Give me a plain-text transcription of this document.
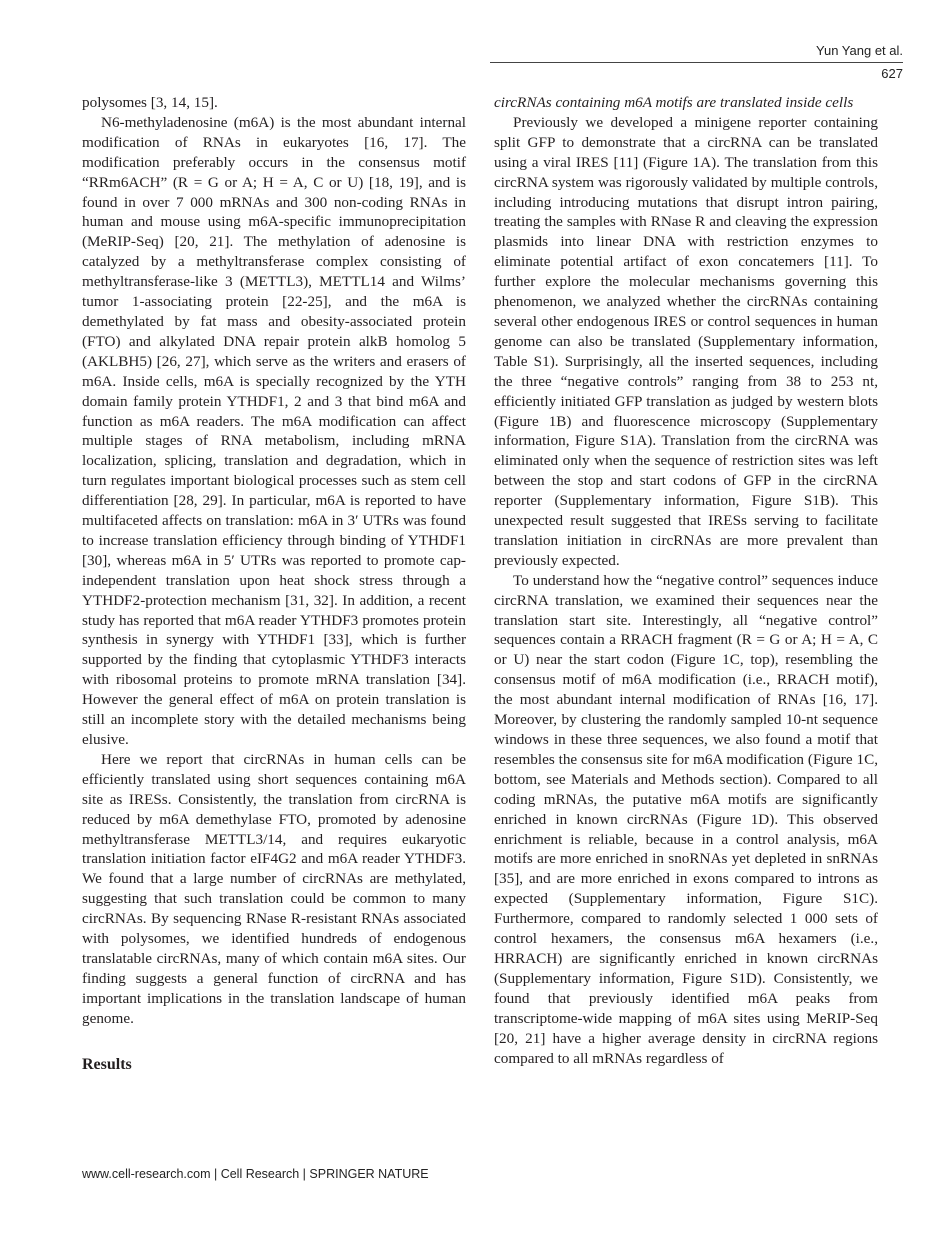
Yun Yang et al.
627

polysomes [3, 14, 15].

N6-methyladenosine (m6A) is the most abundant internal modification of RNAs in eukaryotes [16, 17]. The modification preferably occurs in the consensus motif “RRm6ACH” (R = G or A; H = A, C or U) [18, 19], and is found in over 7 000 mRNAs and 300 non-coding RNAs in human and mouse using m6A-specific immunoprecipitation (MeRIP-Seq) [20, 21]. The methylation of adenosine is catalyzed by a methyltransferase complex consisting of methyltransferase-like 3 (METTL3), METTL14 and Wilms’ tumor 1-associating protein [22-25], and the m6A is demethylated by fat mass and obesity-associated protein (FTO) and alkylated DNA repair protein alkB homolog 5 (AKLBH5) [26, 27], which serve as the writers and erasers of m6A. Inside cells, m6A is specially recognized by the YTH domain family protein YTHDF1, 2 and 3 that bind m6A and function as m6A readers. The m6A modification can affect multiple stages of RNA metabolism, including mRNA localization, splicing, translation and degradation, which in turn regulates important biological processes such as stem cell differentiation [28, 29]. In particular, m6A is reported to have multifaceted affects on translation: m6A in 3′ UTRs was found to increase translation efficiency through binding of YTHDF1 [30], whereas m6A in 5′ UTRs was reported to promote cap-independent translation upon heat shock stress through a YTHDF2-protection mechanism [31, 32]. In addition, a recent study has reported that m6A reader YTHDF3 promotes protein synthesis in synergy with YTHDF1 [33], which is further supported by the finding that cytoplasmic YTHDF3 interacts with ribosomal proteins to promote mRNA translation [34]. However the general effect of m6A on protein translation is still an incomplete story with the detailed mechanisms being elusive.

Here we report that circRNAs in human cells can be efficiently translated using short sequences containing m6A site as IRESs. Consistently, the translation from circRNA is reduced by m6A demethylase FTO, promoted by adenosine methyltransferase METTL3/14, and requires eukaryotic translation initiation factor eIF4G2 and m6A reader YTHDF3. We found that a large number of circRNAs are methylated, suggesting that such translation could be common to many circRNAs. By sequencing RNase R-resistant RNAs associated with polysomes, we identified hundreds of endogenous translatable circRNAs, many of which contain m6A sites. Our finding suggests a general function of circRNA and has important implications in the translation landscape of human genome.

Results

circRNAs containing m6A motifs are translated inside cells

Previously we developed a minigene reporter containing split GFP to demonstrate that a circRNA can be translated using a viral IRES [11] (Figure 1A). The translation from this circRNA system was rigorously validated by multiple controls, including introducing mutations that disrupt intron pairing, treating the samples with RNase R and cleaving the expression plasmids into linear DNA with restriction enzymes to eliminate potential artifact of exon concatemers [11]. To further explore the molecular mechanisms governing this phenomenon, we analyzed whether the circRNAs containing several other endogenous IRES or control sequences in human genome can also be translated (Supplementary information, Table S1). Surprisingly, all the inserted sequences, including the three “negative controls” ranging from 38 to 253 nt, efficiently initiated GFP translation as judged by western blots (Figure 1B) and fluorescence microscopy (Supplementary information, Figure S1A). Translation from the circRNA was eliminated only when the sequence of restriction sites was left between the stop and start codons of GFP in the circRNA reporter (Supplementary information, Figure S1B). This unexpected result suggested that IRESs serving to facilitate translation initiation in circRNAs are more prevalent than previously expected.

To understand how the “negative control” sequences induce circRNA translation, we examined their sequences near the translation start site. Interestingly, all “negative control” sequences contain a RRACH fragment (R = G or A; H = A, C or U) near the start codon (Figure 1C, top), resembling the consensus motif of m6A modification (i.e., RRACH motif), the most abundant internal modification of RNAs [16, 17]. Moreover, by clustering the randomly sampled 10-nt sequence windows in these three sequences, we also found a motif that resembles the consensus site for m6A modification (Figure 1C, bottom, see Materials and Methods section). Compared to all coding mRNAs, the putative m6A motifs are significantly enriched in known circRNAs (Figure 1D). This observed enrichment is reliable, because in a control analysis, m6A motifs are more enriched in snoRNAs yet depleted in snRNAs [35], and are more enriched in exons compared to introns as expected (Supplementary information, Figure S1C). Furthermore, compared to randomly selected 1 000 sets of control hexamers, the consensus m6A hexamers (i.e., HRRACH) are significantly enriched in known circRNAs (Supplementary information, Figure S1D). Consistently, we found that previously identified m6A peaks from transcriptome-wide mapping of m6A sites using MeRIP-Seq [20, 21] have a higher average density in circRNA regions compared to all mRNAs regardless of

www.cell-research.com | Cell Research | SPRINGER NATURE
